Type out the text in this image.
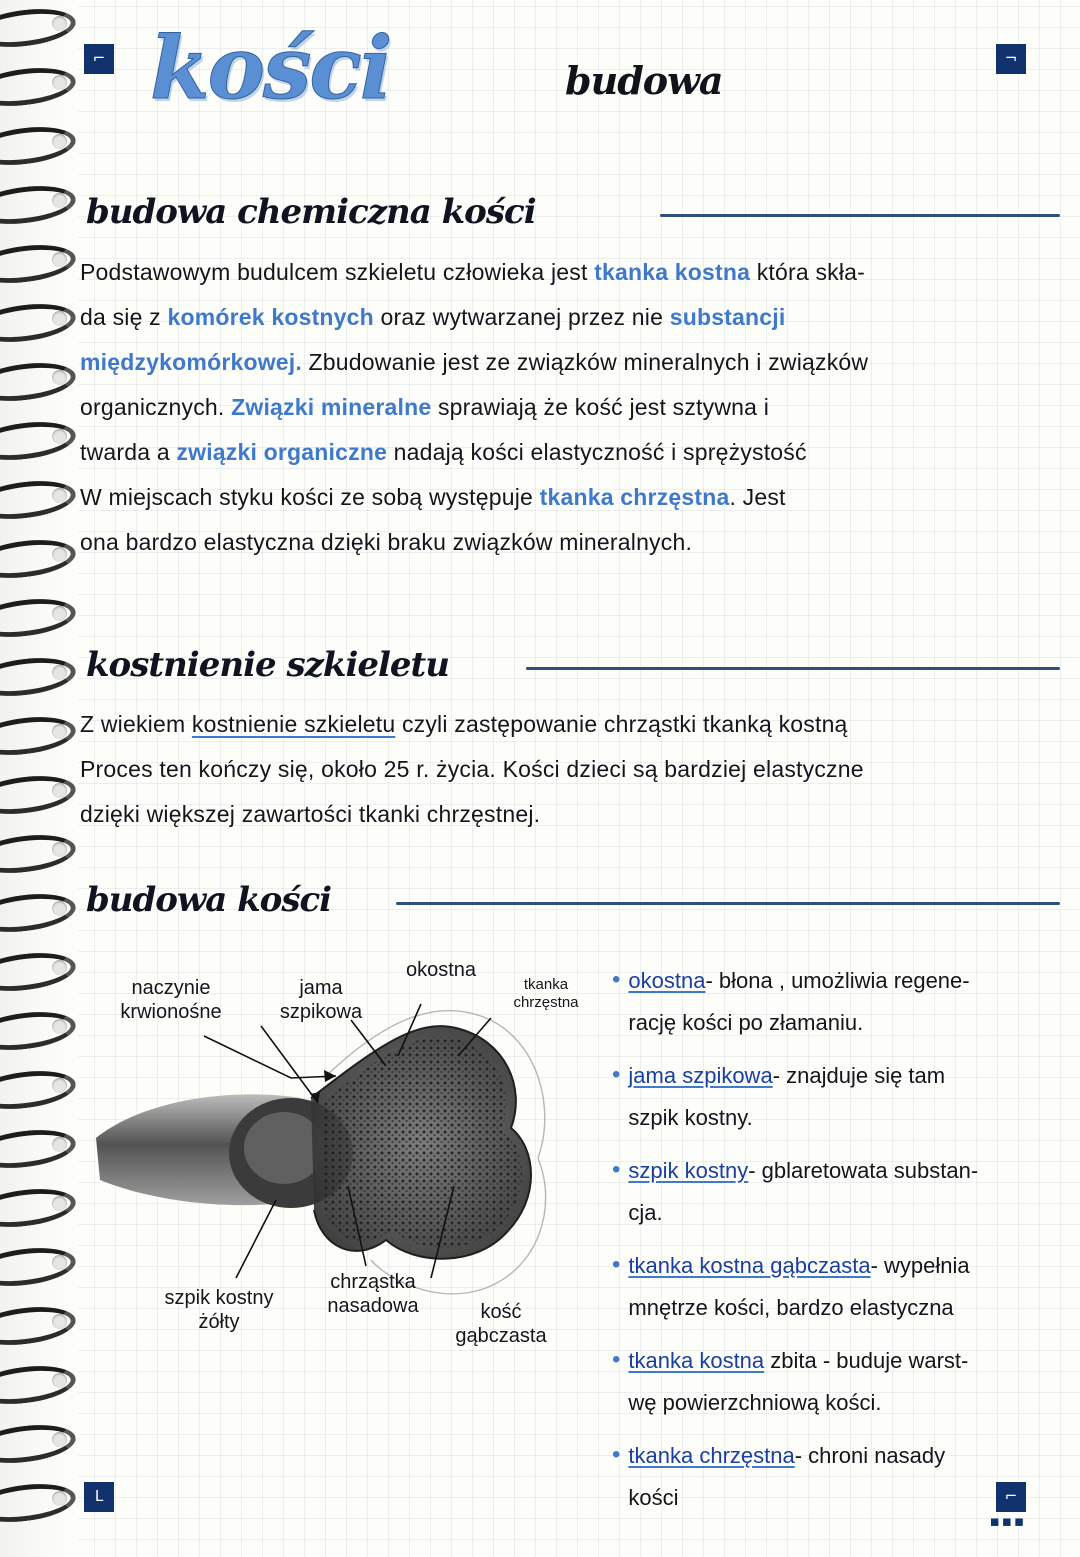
⌐	¬
L	⌐
▪▪▪
kości	budowa
budowa chemiczna kości
Podstawowym budulcem szkieletu człowieka jest tkanka kostna która skła-
da się z komórek kostnych oraz wytwarzanej przez nie substancji
międzykomórkowej. Zbudowanie jest ze związków mineralnych i związków
organicznych. Związki mineralne sprawiają że kość jest sztywna i
twarda a związki organiczne nadają kości elastyczność i sprężystość
W miejscach styku kości ze sobą występuje tkanka chrzęstna. Jest
ona bardzo elastyczna dzięki braku związków mineralnych.
kostnienie szkieletu
Z wiekiem kostnienie szkieletu czyli zastępowanie chrząstki tkanką kostną
Proces ten kończy się, około 25 r. życia. Kości dzieci są bardziej elastyczne
dzięki większej zawartości tkanki chrzęstnej.
budowa kości
naczynie
krwionośne
jama
szpikowa
okostna
tkanka
chrzęstna
szpik kostny
żółty
chrząstka
nasadowa	kość
gąbczasta
• okostna- błona , umożliwia regene-
rację kości po złamaniu.
• jama szpikowa- znajduje się tam
szpik kostny.
• szpik kostny- gblaretowata substan-
cja.
• tkanka kostna gąbczasta- wypełnia
mnętrze kości, bardzo elastyczna
• tkanka kostna zbita - buduje warst-
wę powierzchniową kości.
• tkanka chrzęstna- chroni nasady
kości
